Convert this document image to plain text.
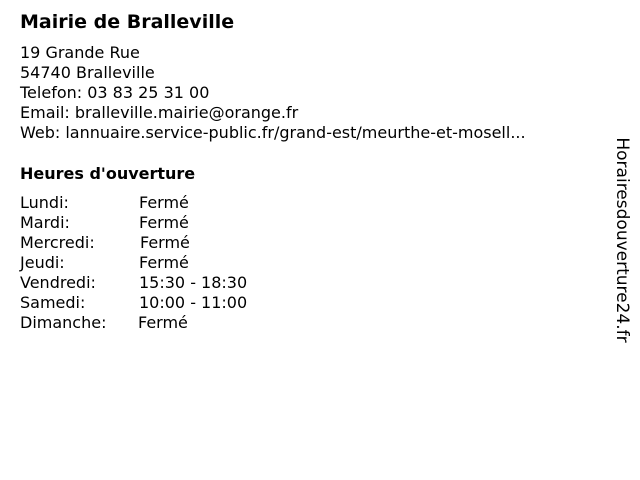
Mairie de Bralleville
19 Grande Rue
54740 Bralleville
Telefon: 03 83 25 31 00
Email: bralleville.mairie@orange.fr
Web: lannuaire.service-public.fr/grand-est/meurthe-et-mosell...
Heures d'ouverture
Lundi:	Fermé
Mardi:	Fermé
Mercredi:	Fermé
Jeudi:	Fermé
Vendredi:	15:30 - 18:30
Samedi:	10:00 - 11:00
Dimanche: Fermé	Horairesdouverture24.fr
